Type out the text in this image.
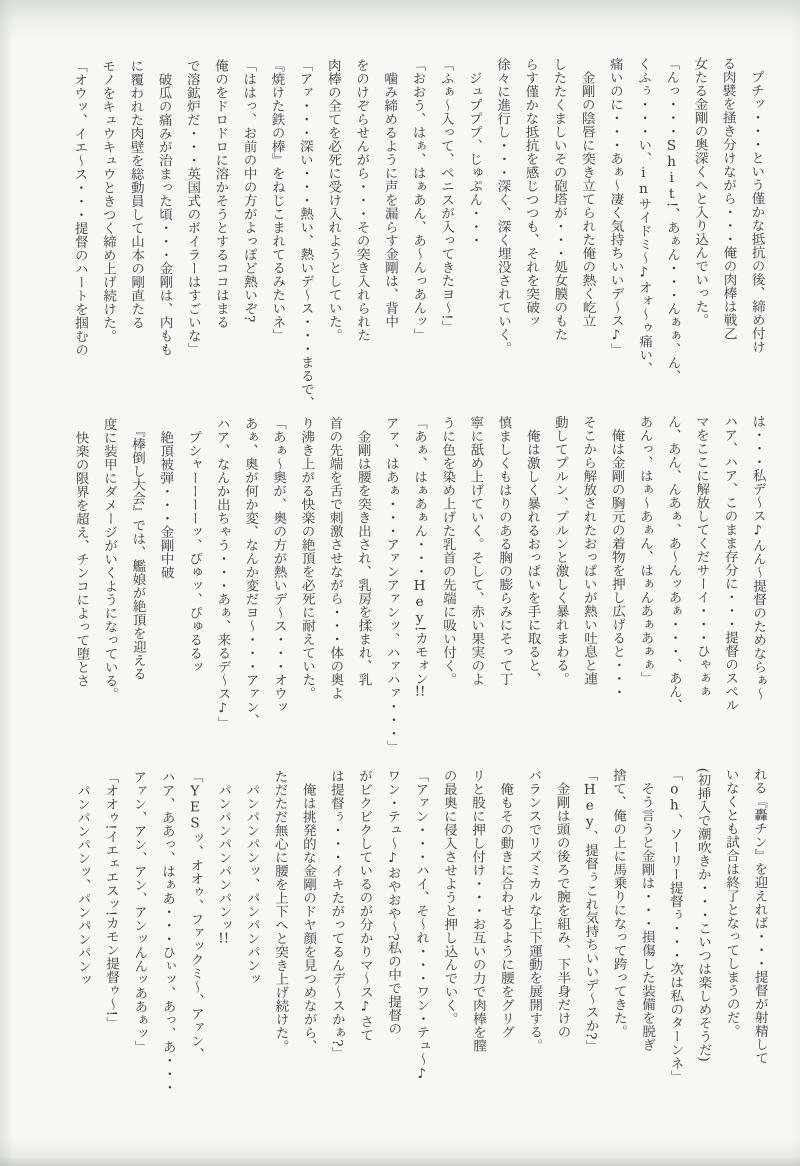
　プチッ・・・という僅かな抵抗の後、締め付け

る肉襞を掻き分けながら・・・俺の肉棒は戦乙

女たる金剛の奥深くへと入り込んでいった。

「んっ・・・Shit!、あぁん・・・んぁぁ、ん、

くふぅ・・・い、inサイドミ〜♪オォ〜ゥ痛い、

痛いのに・・・あぁ〜凄く気持ちいいデ〜ス♪」

　金剛の陰唇に突き立てられた俺の熱く屹立

したたくましいその砲塔が・・・処女膜のもた

らす僅かな抵抗を感じつつも、それを突破ッ

徐々に進行し・・・深く、深く埋没されていく。

　ジュプププ、じゅぷん・・・

「ふぁ〜入って、ペニスが入ってきたヨ〜!」

「おおう、はぁ、はぁあん、あ〜んっあんッ」

　噛み締めるように声を漏らす金剛は、背中

をのけぞらせんがら・・・その突き入れられた

肉棒の全てを必死に受け入れようとしていた。

「アァ・・・深い・・・熱い、熱いデ〜ス・・・まるで、

『焼けた鉄の棒』をねじこまれてるみたいネ」

「ははっ、お前の中の方がよっぽど熱いぞ?

俺のをドロドロに溶かそうとするココはまる

で溶鉱炉だ・・・英国式のボイラーはすごいな」

　破瓜の痛みが治まった頃・・・金剛は、内もも

に覆われた肉壁を総動員して山本の剛直たる

モノをキュウキュウときつく締め上げ続けた。

「オウッ、イエ〜ス・・・提督のハートを掴むの

は・・・私デ〜ス♪んん〜提督のためならぁ〜

ハア、ハア、このまま存分に・・・提督のスペル

マをここに解放してくだサーイ・・・ひゃぁぁ

ん、あん、んあぁ、あ〜んッあぁ・・・、あん、

あんっ、はぁ〜あぁん、はぁんあぁあぁぁ」

　俺は金剛の胸元の着物を押し広げると・・・

そこから解放されたおっぱいが熱い吐息と連

動してプルン、プルンと激しく暴れまわる。

　俺は激しく暴れるおっぱいを手に取ると、

慎ましくもはりのある胸の膨らみにそって丁

寧に舐め上げていく。そして、赤い果実のよ

うに色を染め上げた乳首の先端に吸い付く。

「あぁ、はぁあぁん・・・Hey!カモォン!!

アァ、はあぁ・・・アァンアァンッ、ハァハァ・・・」

　金剛は腰を突き出され、乳房を揉まれ、乳

首の先端を舌で刺激させながら・・・体の奥よ

り沸き上がる快楽の絶頂を必死に耐えていた。

「あぁ〜奥が、奥の方が熱いデ〜ス・・・オウッ

あぁ、奥が何か変、なんか変だヨ〜・・・アァン、

ハア、なんか出ちゃう・・・あぁ、来るデ〜ス♪」

　プシャーーーーッ、ぴゅッ、ぴゅるるッ

　絶頂被弾・・・金剛中破

　『棒倒し大会』では、艦娘が絶頂を迎える

度に装甲にダメージがいくようになっている。

　快楽の限界を超え、チンコによって堕とさ

れる『轟チン』を迎えれば・・・提督が射精して

いなくとも試合は終了となってしまうのだ。

(初挿入で潮吹きか・・・こいつは楽しめそうだ)

「oh、ソーリー提督ぅ・・・次は私のターンネ」

　そう言うと金剛は・・・損傷した装備を脱ぎ

捨て、俺の上に馬乗りになって跨ってきた。

「Hey、提督ぅこれ気持ちいいデ〜スか?」

　金剛は頭の後ろで腕を組み、下半身だけの

バランスでリズミカルな上下運動を展開する。

　俺もその動きに合わせるように腰をグリグ

リと股に押し付け・・・お互いの力で肉棒を膣

の最奥に侵入させようと押し込んでいく。

「アァン・・・ハイ、そ〜れ・・・ワン・テュ〜♪

ワン・テュ〜♪おやおや〜?私の中で提督の

がビクビクしているのが分かりマ〜ス♪さて

は提督ぅ・・・イキたがってるんデ〜スかぁ?」

　俺は挑発的な金剛のドヤ顔を見つめながら、

ただただ無心に腰を上下へと突き上げ続けた。

　パンパンパンッ、パンパンパンッ

　パンパンパンパンパンッ!!

「YESッ、オオゥ、ファックミ〜、アァン、

ハア、ああっ、はぁあ・・・ひぃッ、あっ、あ・・・

アァン、アン、アン、アンッんんッああぁッ」

「オオゥ!イエェエスッ!カモン提督ゥ〜!」

　パンパンパンッ、パンパンパンッ
